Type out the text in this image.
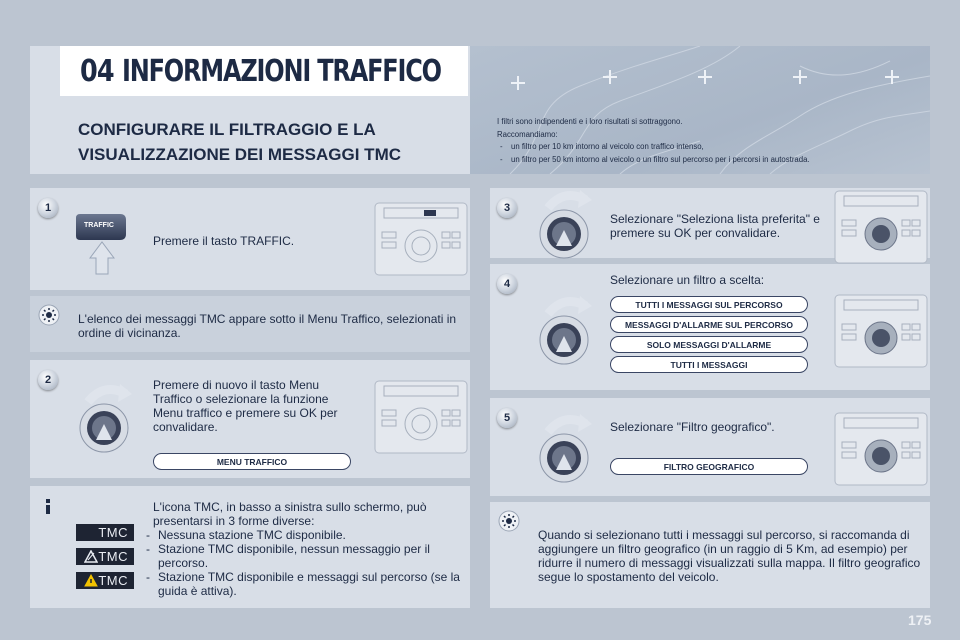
04 INFORMAZIONI TRAFFICO
CONFIGURARE IL FILTRAGGIO E LA
VISUALIZZAZIONE DEI MESSAGGI TMC
I filtri sono indipendenti e i loro risultati si sottraggono.
Raccomandiamo:
- un filtro per 10 km intorno al veicolo con traffico intenso,
- un filtro per 50 km intorno al veicolo o un filtro sul percorso per i percorsi in autostrada.
1
TRAFFIC
Premere il tasto TRAFFIC.
L'elenco dei messaggi TMC appare sotto il Menu Traffico, selezionati in ordine di vicinanza.
2	Premere di nuovo il tasto Menu Traffico o selezionare la funzione Menu traffico e premere su OK per convalidare.
MENU TRAFFICO
L'icona TMC, in basso a sinistra sullo schermo, può
presentarsi in 3 forme diverse:
- Nessuna stazione TMC disponibile.
- Stazione TMC disponibile, nessun messaggio per il percorso.
- Stazione TMC disponibile e messaggi sul percorso (se la guida è attiva).
TMC
TMC
TMC
3
Selezionare "Seleziona lista preferita" e premere su OK per convalidare.
4	Selezionare un filtro a scelta:
TUTTI I MESSAGGI SUL PERCORSO
MESSAGGI D'ALLARME SUL PERCORSO
SOLO MESSAGGI D'ALLARME
TUTTI I MESSAGGI
5
Selezionare "Filtro geografico".
FILTRO GEOGRAFICO
Quando si selezionano tutti i messaggi sul percorso, si raccomanda di aggiungere un filtro geografico (in un raggio di 5 Km, ad esempio) per ridurre il numero di messaggi visualizzati sulla mappa. Il filtro geografico segue lo spostamento del veicolo.
175
